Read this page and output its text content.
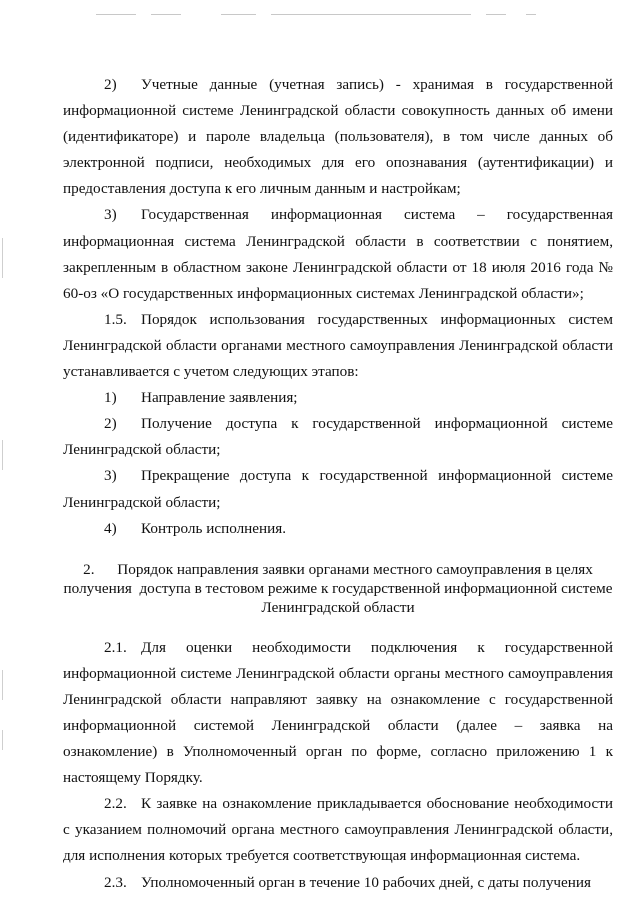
2) Учетные данные (учетная запись) - хранимая в государственной информационной системе Ленинградской области совокупность данных об имени (идентификаторе) и пароле владельца (пользователя), в том числе данных об электронной подписи, необходимых для его опознавания (аутентификации) и предоставления доступа к его личным данным и настройкам;

3) Государственная информационная система – государственная информационная система Ленинградской области в соответствии с понятием, закрепленным в областном законе Ленинградской области от 18 июля 2016 года № 60-оз «О государственных информационных системах Ленинградской области»;

1.5. Порядок использования государственных информационных систем Ленинградской области органами местного самоуправления Ленинградской области устанавливается с учетом следующих этапов:

1) Направление заявления;

2) Получение доступа к государственной информационной системе Ленинградской области;

3) Прекращение доступа к государственной информационной системе Ленинградской области;

4) Контроль исполнения.

2.      Порядок направления заявки органами местного самоуправления в целях
получения  доступа в тестовом режиме к государственной информационной системе
Ленинградской области

2.1. Для оценки необходимости подключения к государственной информационной системе Ленинградской области органы местного самоуправления Ленинградской области направляют заявку на ознакомление с государственной информационной системой Ленинградской области (далее – заявка на ознакомление) в Уполномоченный орган по форме, согласно приложению 1 к настоящему Порядку.

2.2. К заявке на ознакомление прикладывается обоснование необходимости с указанием полномочий органа местного самоуправления Ленинградской области, для исполнения которых требуется соответствующая информационная система.

2.3. Уполномоченный орган в течение 10 рабочих дней, с даты получения
